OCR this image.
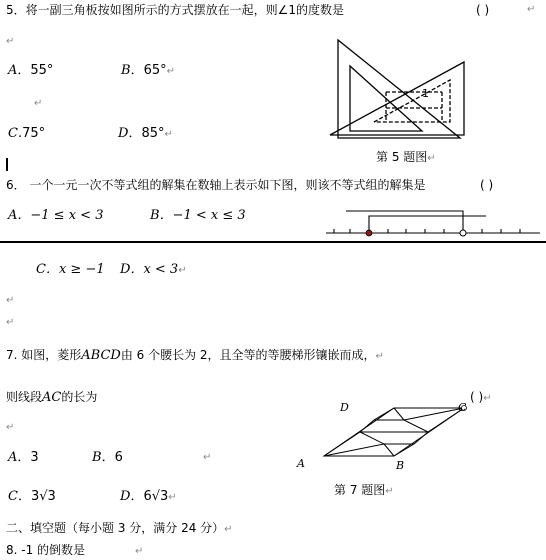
5．将一副三角板按如图所示的方式摆放在一起，则∠1的度数是	( )	↵
↵
A．55°	B．65°↵
↵
C.75°	D．85°↵
1
第 5 题图↵
6． 一个一元一次不等式组的解集在数轴上表示如下图，则该不等式组的解集是	( )
A．−1 ≤ x < 3	B．−1 < x ≤ 3
C．x ≥ −1 D．x < 3↵
↵
↵
7. 如图，菱形ABCD由 6 个腰长为 2，且全等的等腰梯形镶嵌而成，↵
则线段AC的长为	( )↵
↵
A．3	B．6	↵
C．3√3	D．6√3↵
D	C
A	B
第 7 题图↵
二、填空题（每小题 3 分，满分 24 分）↵
8. -1 的倒数是	↵
